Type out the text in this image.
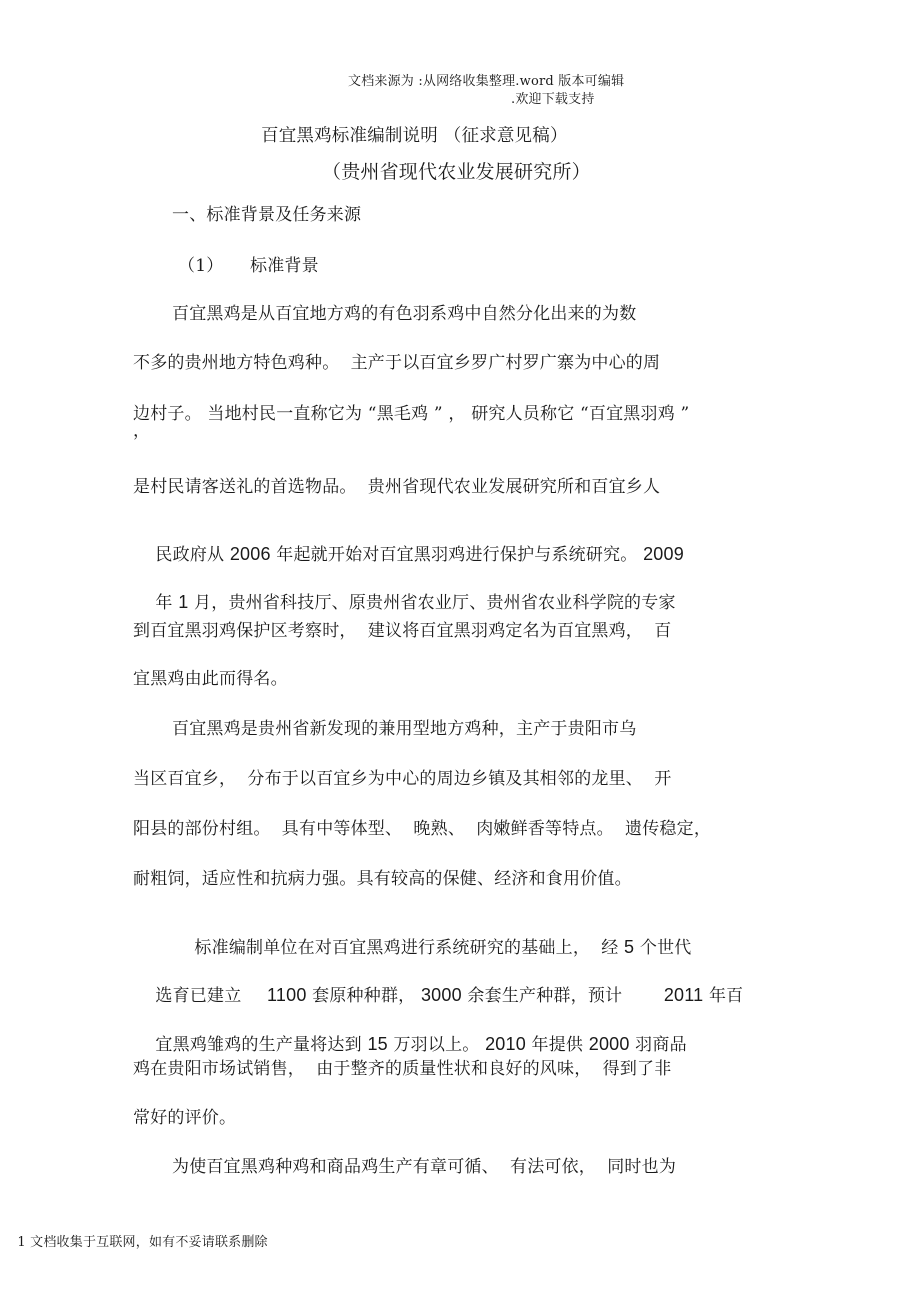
文档来源为 :从网络收集整理.word 版本可编辑
.欢迎下载支持
百宜黑鸡标准编制说明 （征求意见稿）
（贵州省现代农业发展研究所）
一、标准背景及任务来源
（1） 标准背景
百宜黑鸡是从百宜地方鸡的有色羽系鸡中自然分化出来的为数
不多的贵州地方特色鸡种。  主产于以百宜乡罗广村罗广寨为中心的周
边村子。 当地村民一直称它为 “黑毛鸡 ” ， 研究人员称它 “百宜黑羽鸡 ”
，
是村民请客送礼的首选物品。  贵州省现代农业发展研究所和百宜乡人

民政府从 2006 年起就开始对百宜黑羽鸡进行保护与系统研究。 2009

年 1 月，贵州省科技厅、原贵州省农业厅、贵州省农业科学院的专家

到百宜黑羽鸡保护区考察时，  建议将百宜黑羽鸡定名为百宜黑鸡，  百
宜黑鸡由此而得名。
百宜黑鸡是贵州省新发现的兼用型地方鸡种，主产于贵阳市乌
当区百宜乡，  分布于以百宜乡为中心的周边乡镇及其相邻的龙里、  开
阳县的部份村组。  具有中等体型、  晚熟、  肉嫩鲜香等特点。  遗传稳定，
耐粗饲，适应性和抗病力强。具有较高的保健、经济和食用价值。

标准编制单位在对百宜黑鸡进行系统研究的基础上，  经 5 个世代

选育已建立 1100 套原种种群， 3000 余套生产种群，预计 2011 年百

宜黑鸡雏鸡的生产量将达到 15 万羽以上。 2010 年提供 2000 羽商品

鸡在贵阳市场试销售，  由于整齐的质量性状和良好的风味，  得到了非
常好的评价。
为使百宜黑鸡种鸡和商品鸡生产有章可循、  有法可依，  同时也为

1 文档收集于互联网，如有不妥请联系删除
